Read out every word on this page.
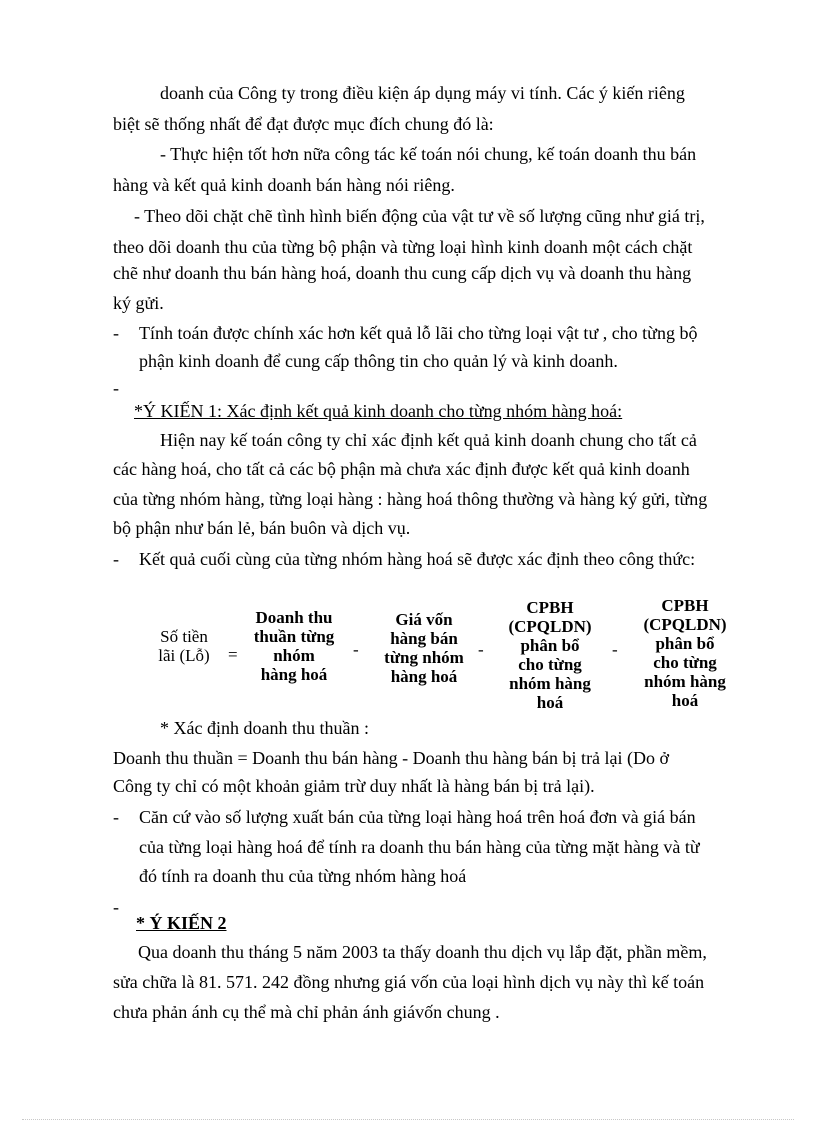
doanh của Công ty trong điều kiện áp dụng máy vi tính. Các ý kiến riêng
biệt sẽ thống nhất để đạt được mục đích chung đó là:
- Thực hiện tốt hơn nữa công tác kế toán nói chung, kế toán doanh thu bán
hàng và kết quả kinh doanh bán hàng nói riêng.
- Theo dõi chặt chẽ tình hình biến động của vật tư về số lượng cũng như giá trị,
theo dõi doanh thu của từng bộ phận và từng loại hình kinh doanh một cách chặt
chẽ như doanh thu bán hàng hoá, doanh thu cung cấp dịch vụ và doanh thu hàng
ký gửi.
- Tính toán được chính xác hơn kết quả lỗ lãi cho từng loại vật tư , cho từng bộ
phận kinh doanh để cung cấp thông tin cho quản lý và kinh doanh.
-
*Ý KIẾN 1: Xác định kết quả kinh doanh cho từng nhóm hàng hoá:
Hiện nay kế toán công ty chỉ xác định kết quả kinh doanh chung cho tất cả
các hàng hoá, cho tất cả các bộ phận mà chưa xác định được kết quả kinh doanh
của từng nhóm hàng, từng loại hàng : hàng hoá thông thường và hàng ký gửi, từng
bộ phận như bán lẻ, bán buôn và dịch vụ.
- Kết quả cuối cùng của từng nhóm hàng hoá sẽ được xác định theo công thức:
Số tiền
lãi (Lỗ)	=
Doanh thu
thuần từng
nhóm
hàng hoá
-
Giá vốn
hàng bán
từng nhóm
hàng hoá
-
CPBH
(CPQLDN)
phân bổ
cho từng
nhóm hàng
hoá
-
CPBH
(CPQLDN)
phân bổ
cho từng
nhóm hàng
hoá
* Xác định doanh thu thuần :
Doanh thu thuần = Doanh thu bán hàng - Doanh thu hàng bán bị trả lại (Do ở
Công ty chỉ có một khoản giảm trừ duy nhất là hàng bán bị trả lại).
- Căn cứ vào số lượng xuất bán của từng loại hàng hoá trên hoá đơn và giá bán
của từng loại hàng hoá để tính ra doanh thu bán hàng của từng mặt hàng và từ
đó tính ra doanh thu của từng nhóm hàng hoá
-
* Ý KIẾN 2
Qua doanh thu tháng 5 năm 2003 ta thấy doanh thu dịch vụ lắp đặt, phần mềm,
sửa chữa là 81. 571. 242 đồng nhưng giá vốn của loại hình dịch vụ này thì kế toán
chưa phản ánh cụ thể mà chỉ phản ánh giávốn chung .
